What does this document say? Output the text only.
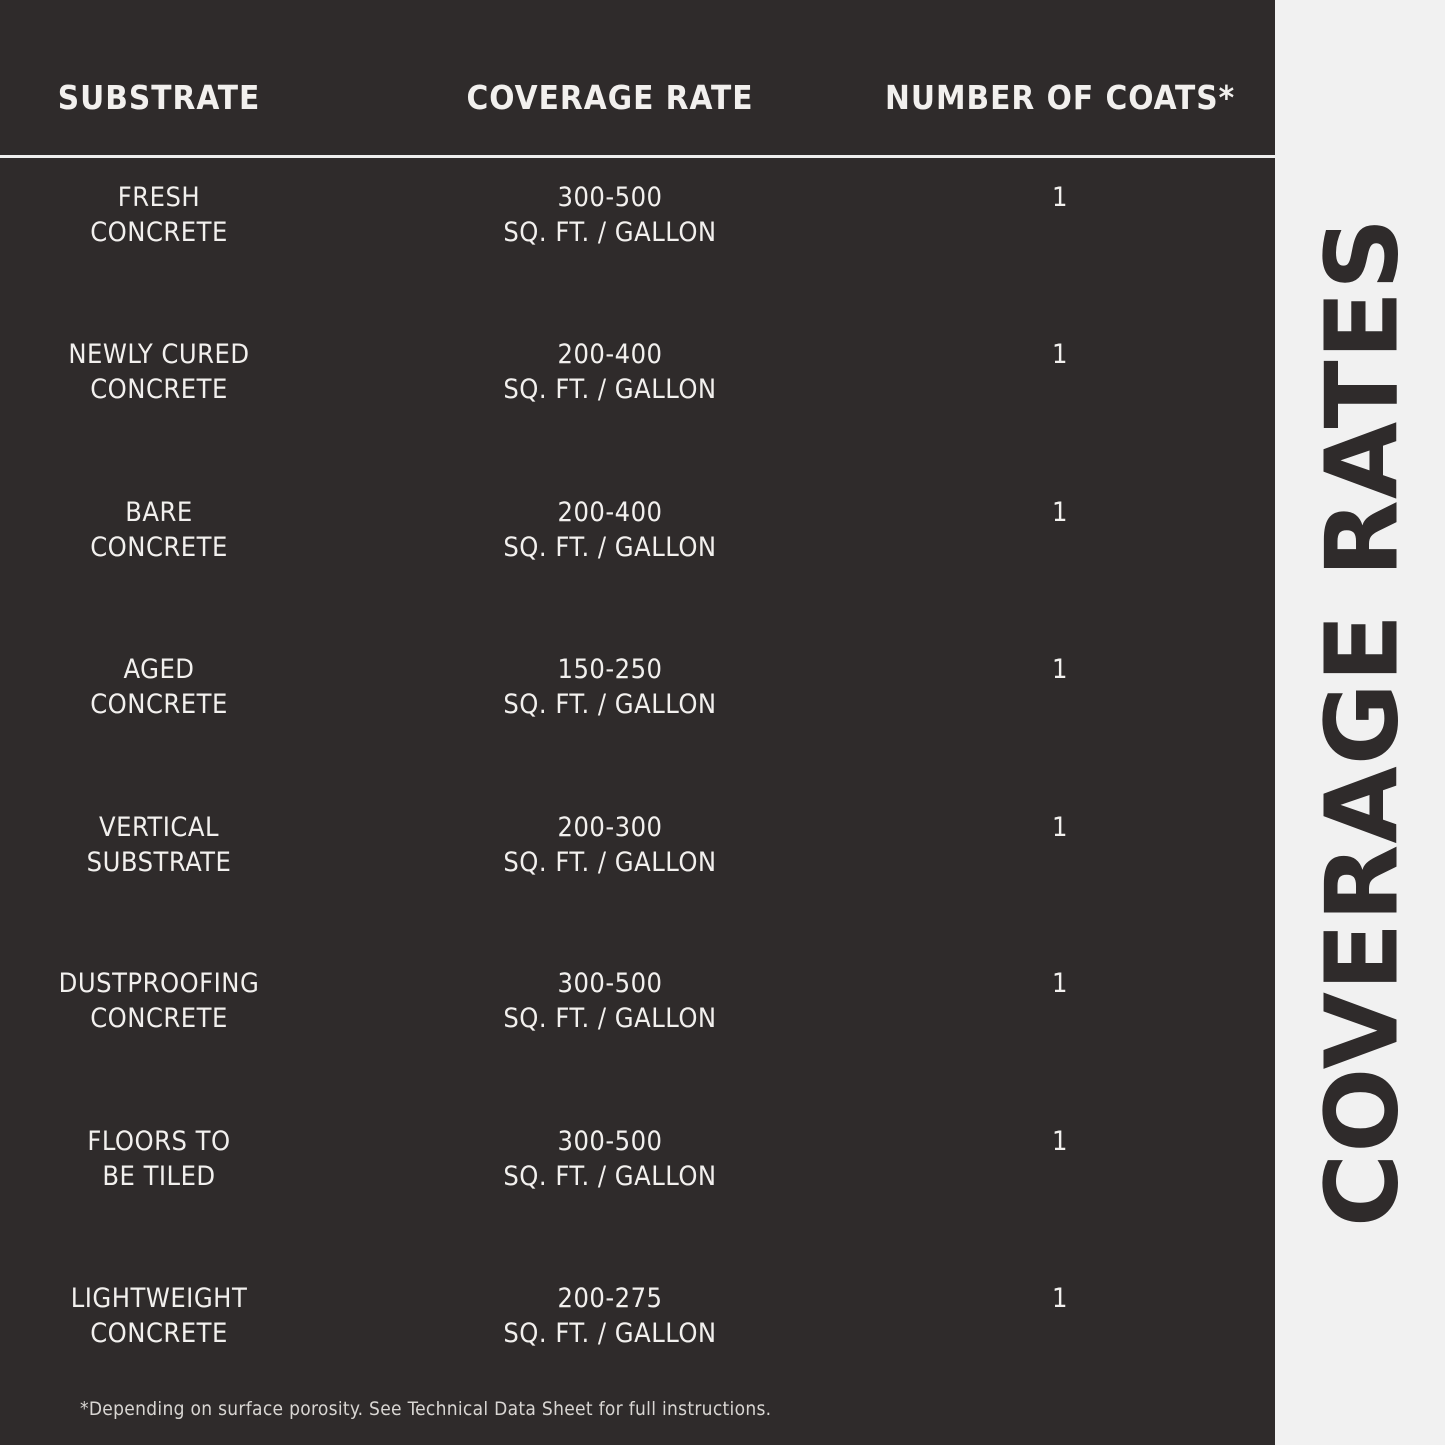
SUBSTRATE	COVERAGE RATE	NUMBER OF COATS*
FRESH
CONCRETE
300-500
SQ. FT. / GALLON
1
NEWLY CURED
CONCRETE
200-400
SQ. FT. / GALLON
1
BARE
CONCRETE
200-400
SQ. FT. / GALLON
1
AGED
CONCRETE
150-250
SQ. FT. / GALLON
1
VERTICAL
SUBSTRATE
200-300
SQ. FT. / GALLON
1
DUSTPROOFING
CONCRETE
300-500
SQ. FT. / GALLON
1
FLOORS TO
BE TILED
300-500
SQ. FT. / GALLON
1
LIGHTWEIGHT
CONCRETE
200-275
SQ. FT. / GALLON
1
*Depending on surface porosity. See Technical Data Sheet for full instructions.
COVERAGE RATES
